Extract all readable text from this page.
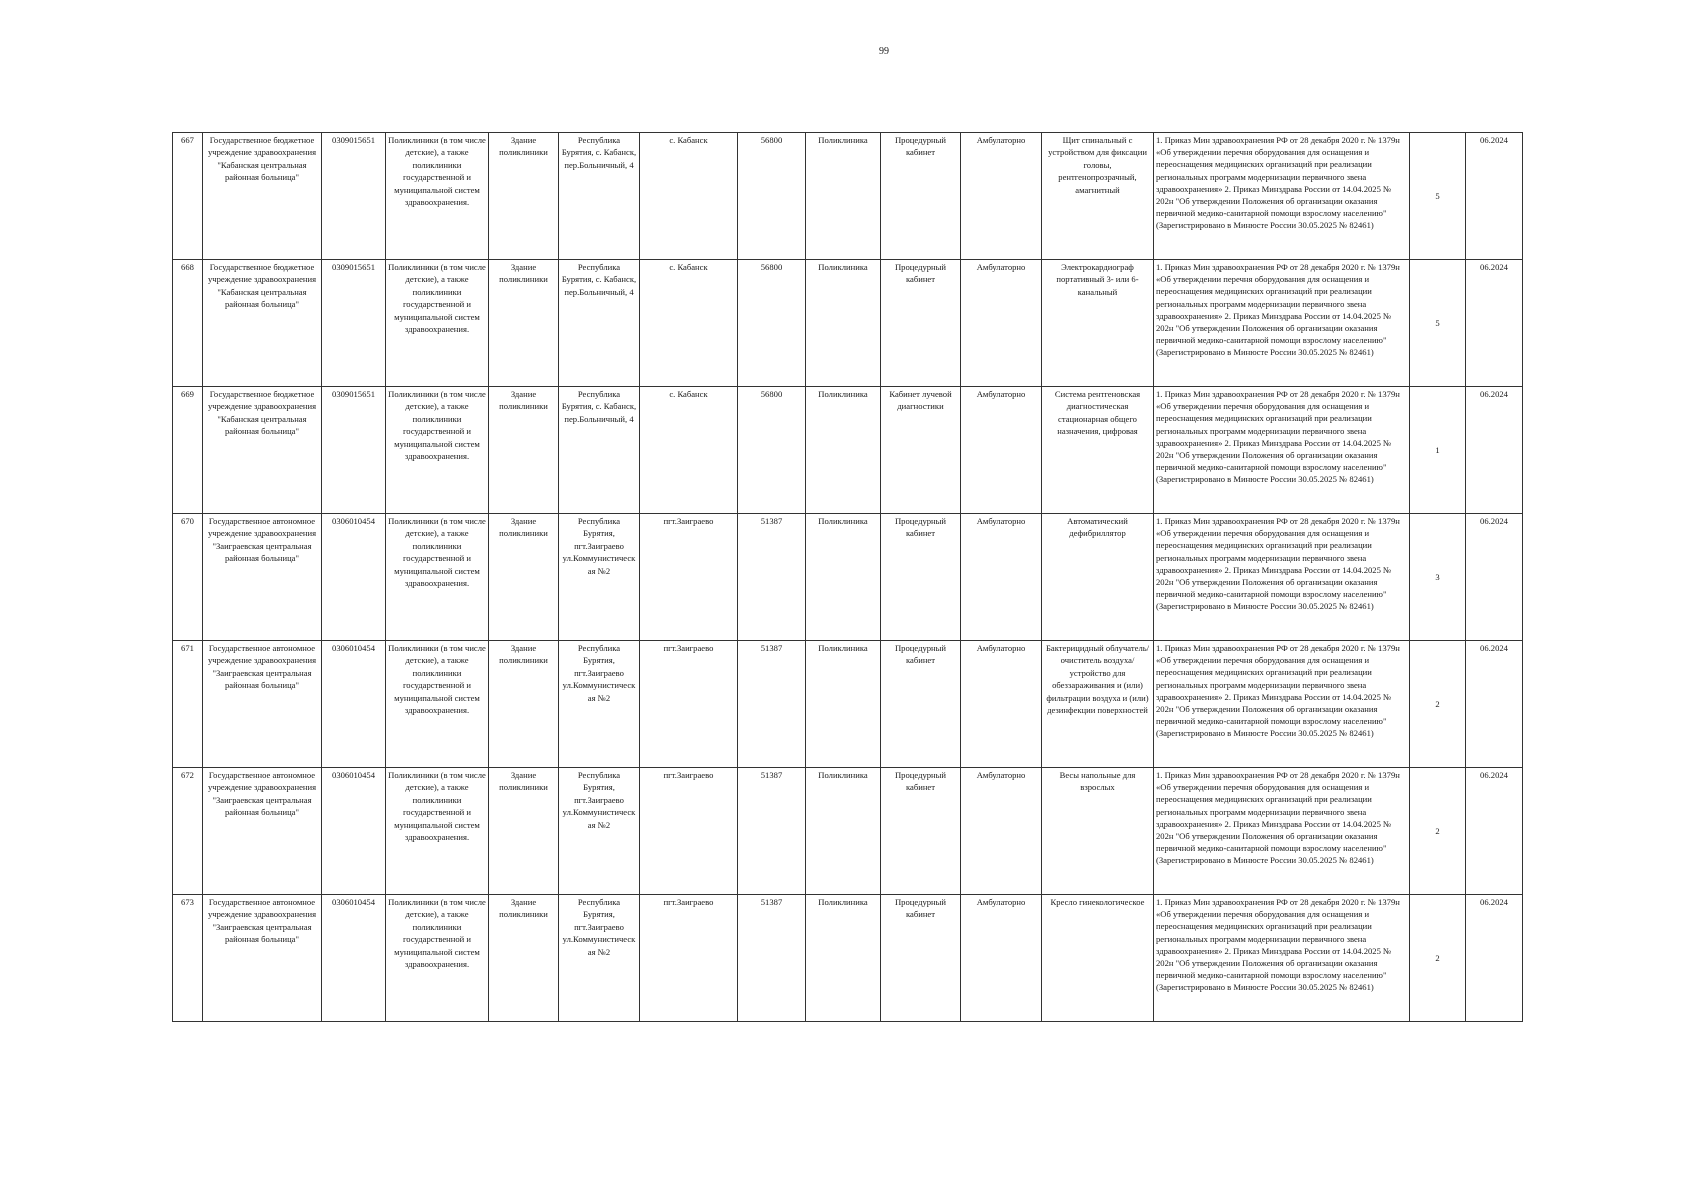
99
667	Государственное бюджетное учреждение здравоохранения "Кабанская центральная районная больница"	0309015651	Поликлиники (в том числе детские), а также поликлиники государственной и муниципальной систем здравоохранения.	Здание поликлиники	Республика Бурятия, с. Кабанск, пер.Больничный, 4	с. Кабанск	56800	Поликлиника	Процедурный кабинет	Амбулаторно	Щит спинальный с устройством для фиксации головы, рентгенопрозрачный, амагнитный	1. Приказ Мин здравоохранения РФ от 28 декабря 2020 г. № 1379н «Об утверждении перечня оборудования для оснащения и переоснащения медицинских организаций при реализации региональных программ модернизации первичного звена здравоохранения» 2. Приказ Минздрава России от 14.04.2025 № 202н "Об утверждении Положения об организации оказания первичной медико-санитарной помощи взрослому населению" (Зарегистрировано в Минюсте России 30.05.2025 № 82461)	5	06.2024
668	Государственное бюджетное учреждение здравоохранения "Кабанская центральная районная больница"	0309015651	Поликлиники (в том числе детские), а также поликлиники государственной и муниципальной систем здравоохранения.	Здание поликлиники	Республика Бурятия, с. Кабанск, пер.Больничный, 4	с. Кабанск	56800	Поликлиника	Процедурный кабинет	Амбулаторно	Электрокардиограф портативный 3- или 6-канальный	1. Приказ Мин здравоохранения РФ от 28 декабря 2020 г. № 1379н «Об утверждении перечня оборудования для оснащения и переоснащения медицинских организаций при реализации региональных программ модернизации первичного звена здравоохранения» 2. Приказ Минздрава России от 14.04.2025 № 202н "Об утверждении Положения об организации оказания первичной медико-санитарной помощи взрослому населению" (Зарегистрировано в Минюсте России 30.05.2025 № 82461)	5	06.2024
669	Государственное бюджетное учреждение здравоохранения "Кабанская центральная районная больница"	0309015651	Поликлиники (в том числе детские), а также поликлиники государственной и муниципальной систем здравоохранения.	Здание поликлиники	Республика Бурятия, с. Кабанск, пер.Больничный, 4	с. Кабанск	56800	Поликлиника	Кабинет лучевой диагностики	Амбулаторно	Система рентгеновская диагностическая стационарная общего назначения, цифровая	1. Приказ Мин здравоохранения РФ от 28 декабря 2020 г. № 1379н «Об утверждении перечня оборудования для оснащения и переоснащения медицинских организаций при реализации региональных программ модернизации первичного звена здравоохранения» 2. Приказ Минздрава России от 14.04.2025 № 202н "Об утверждении Положения об организации оказания первичной медико-санитарной помощи взрослому населению" (Зарегистрировано в Минюсте России 30.05.2025 № 82461)	1	06.2024
670	Государственное автономное учреждение здравоохранения "Заиграевская центральная районная больница"	0306010454	Поликлиники (в том числе детские), а также поликлиники государственной и муниципальной систем здравоохранения.	Здание поликлиники	Республика Бурятия, пгт.Заиграево ул.Коммунистическая №2	пгт.Заиграево	51387	Поликлиника	Процедурный кабинет	Амбулаторно	Автоматический дефибриллятор	1. Приказ Мин здравоохранения РФ от 28 декабря 2020 г. № 1379н «Об утверждении перечня оборудования для оснащения и переоснащения медицинских организаций при реализации региональных программ модернизации первичного звена здравоохранения» 2. Приказ Минздрава России от 14.04.2025 № 202н "Об утверждении Положения об организации оказания первичной медико-санитарной помощи взрослому населению" (Зарегистрировано в Минюсте России 30.05.2025 № 82461)	3	06.2024
671	Государственное автономное учреждение здравоохранения "Заиграевская центральная районная больница"	0306010454	Поликлиники (в том числе детские), а также поликлиники государственной и муниципальной систем здравоохранения.	Здание поликлиники	Республика Бурятия, пгт.Заиграево ул.Коммунистическая №2	пгт.Заиграево	51387	Поликлиника	Процедурный кабинет	Амбулаторно	Бактерицидный облучатель/очиститель воздуха/устройство для обеззараживания и (или) фильтрации воздуха и (или) дезинфекции поверхностей	1. Приказ Мин здравоохранения РФ от 28 декабря 2020 г. № 1379н «Об утверждении перечня оборудования для оснащения и переоснащения медицинских организаций при реализации региональных программ модернизации первичного звена здравоохранения» 2. Приказ Минздрава России от 14.04.2025 № 202н "Об утверждении Положения об организации оказания первичной медико-санитарной помощи взрослому населению" (Зарегистрировано в Минюсте России 30.05.2025 № 82461)	2	06.2024
672	Государственное автономное учреждение здравоохранения "Заиграевская центральная районная больница"	0306010454	Поликлиники (в том числе детские), а также поликлиники государственной и муниципальной систем здравоохранения.	Здание поликлиники	Республика Бурятия, пгт.Заиграево ул.Коммунистическая №2	пгт.Заиграево	51387	Поликлиника	Процедурный кабинет	Амбулаторно	Весы напольные для взрослых	1. Приказ Мин здравоохранения РФ от 28 декабря 2020 г. № 1379н «Об утверждении перечня оборудования для оснащения и переоснащения медицинских организаций при реализации региональных программ модернизации первичного звена здравоохранения» 2. Приказ Минздрава России от 14.04.2025 № 202н "Об утверждении Положения об организации оказания первичной медико-санитарной помощи взрослому населению" (Зарегистрировано в Минюсте России 30.05.2025 № 82461)	2	06.2024
673	Государственное автономное учреждение здравоохранения "Заиграевская центральная районная больница"	0306010454	Поликлиники (в том числе детские), а также поликлиники государственной и муниципальной систем здравоохранения.	Здание поликлиники	Республика Бурятия, пгт.Заиграево ул.Коммунистическая №2	пгт.Заиграево	51387	Поликлиника	Процедурный кабинет	Амбулаторно	Кресло гинекологическое	1. Приказ Мин здравоохранения РФ от 28 декабря 2020 г. № 1379н «Об утверждении перечня оборудования для оснащения и переоснащения медицинских организаций при реализации региональных программ модернизации первичного звена здравоохранения» 2. Приказ Минздрава России от 14.04.2025 № 202н "Об утверждении Положения об организации оказания первичной медико-санитарной помощи взрослому населению" (Зарегистрировано в Минюсте России 30.05.2025 № 82461)	2	06.2024
